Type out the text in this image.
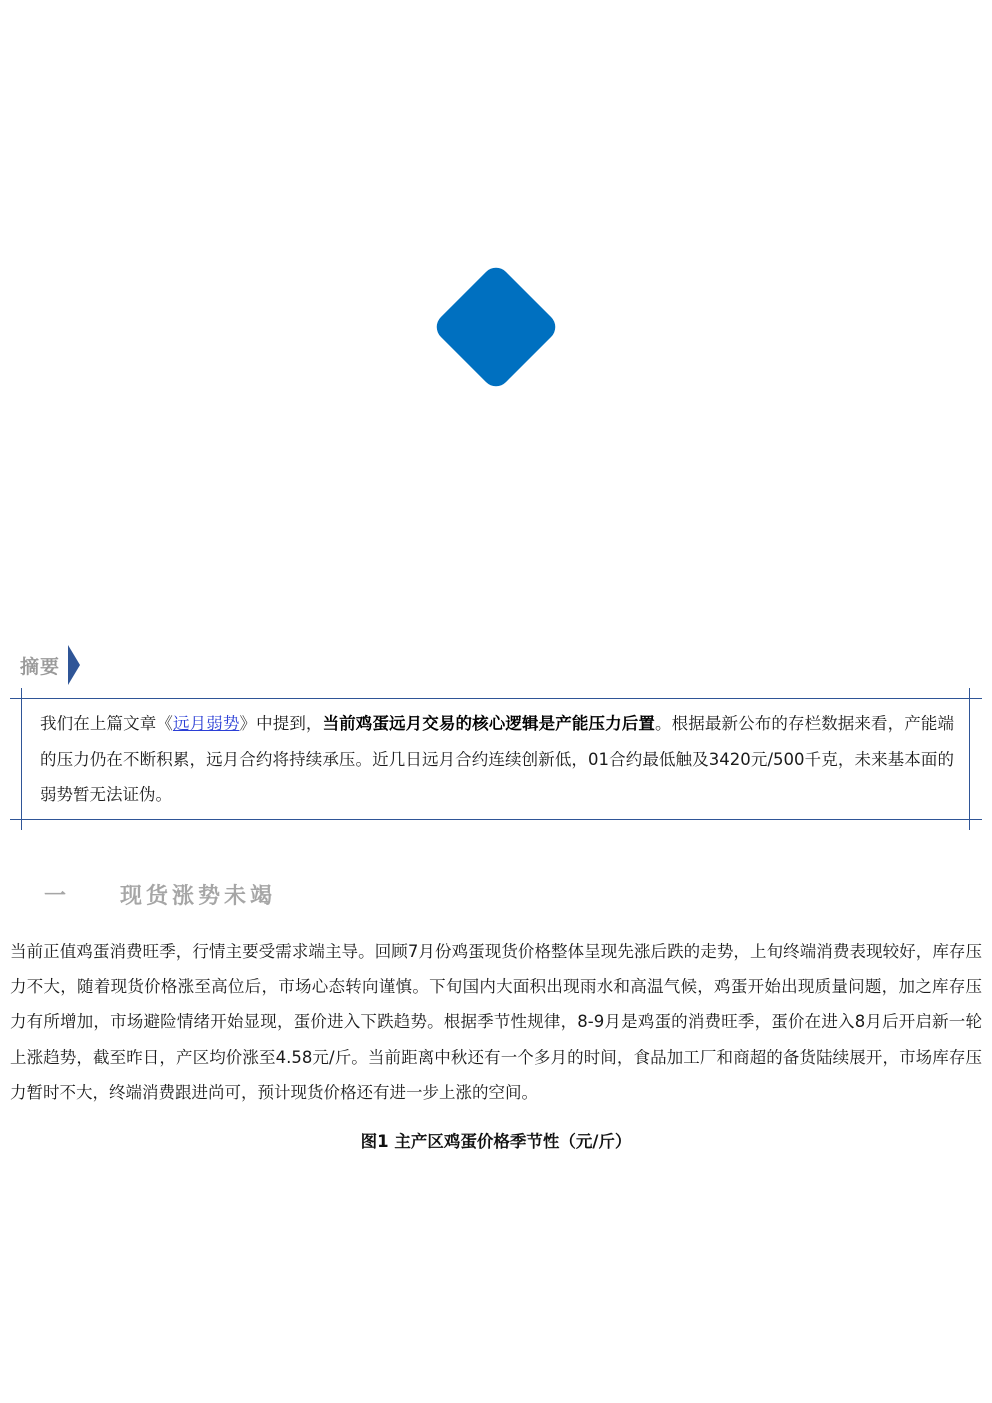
摘要
我们在上篇文章《远月弱势》中提到，当前鸡蛋远月交易的核心逻辑是产能压力后置。根据最新公布的存栏数据来看，产能端的压力仍在不断积累，远月合约将持续承压。近几日远月合约连续创新低，01合约最低触及3420元/500千克，未来基本面的弱势暂无法证伪。
一	现货涨势未竭

当前正值鸡蛋消费旺季，行情主要受需求端主导。回顾7月份鸡蛋现货价格整体呈现先涨后跌的走势，上旬终端消费表现较好，库存压力不大，随着现货价格涨至高位后，市场心态转向谨慎。下旬国内大面积出现雨水和高温气候，鸡蛋开始出现质量问题，加之库存压力有所增加，市场避险情绪开始显现，蛋价进入下跌趋势。根据季节性规律，8-9月是鸡蛋的消费旺季，蛋价在进入8月后开启新一轮上涨趋势，截至昨日，产区均价涨至4.58元/斤。当前距离中秋还有一个多月的时间，食品加工厂和商超的备货陆续展开，市场库存压力暂时不大，终端消费跟进尚可，预计现货价格还有进一步上涨的空间。

图1 主产区鸡蛋价格季节性（元/斤）
